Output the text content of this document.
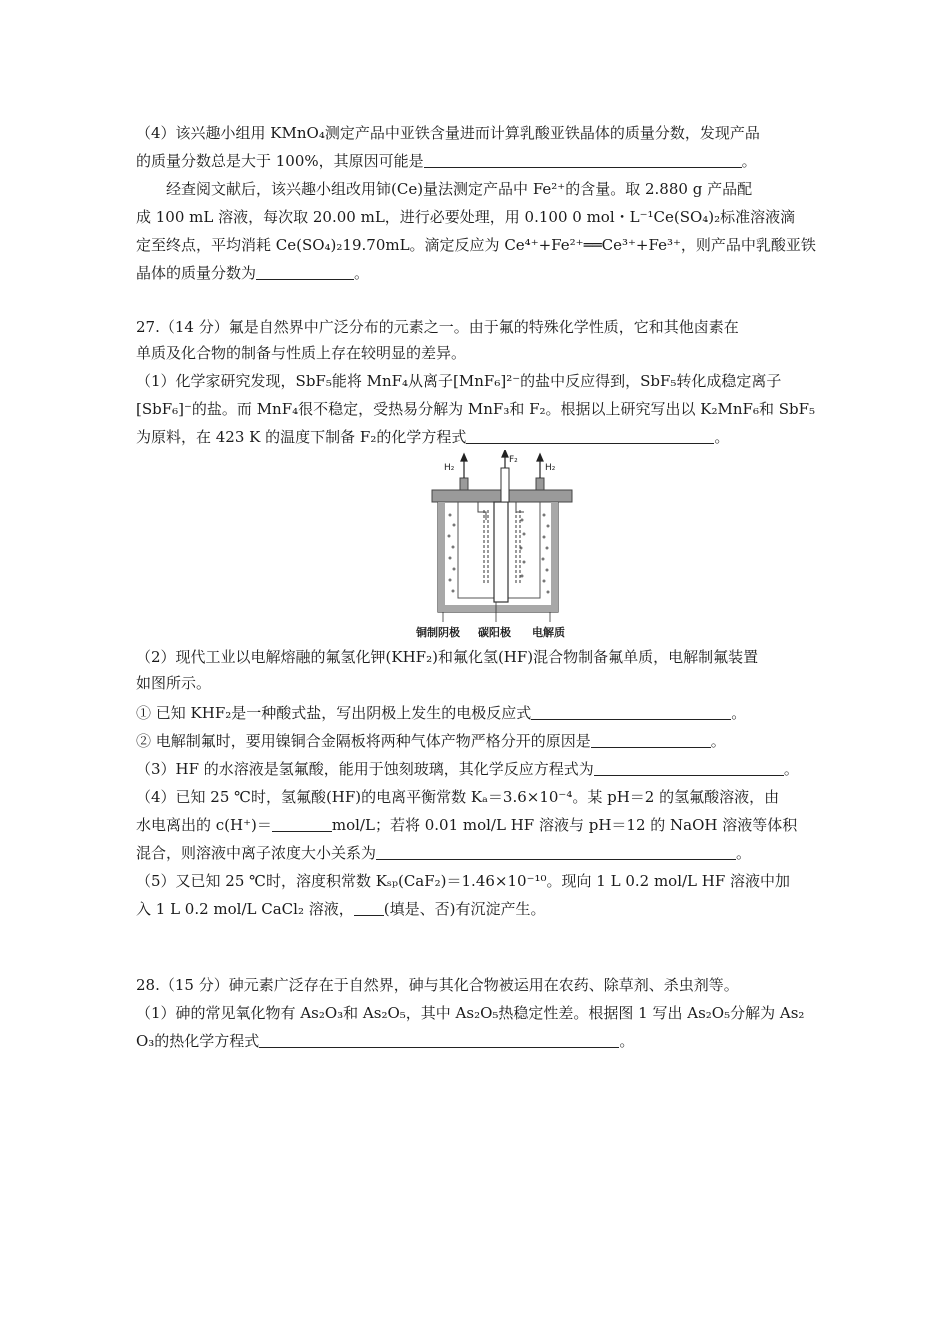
（4）该兴趣小组用 KMnO₄测定产品中亚铁含量进而计算乳酸亚铁晶体的质量分数，发现产品
的质量分数总是大于 100%，其原因可能是	。
经查阅文献后，该兴趣小组改用铈(Ce)量法测定产品中 Fe²⁺的含量。取 2.880 g 产品配
成 100 mL 溶液，每次取 20.00 mL，进行必要处理，用 0.100 0 mol・L⁻¹Ce(SO₄)₂标准溶液滴
定至终点，平均消耗 Ce(SO₄)₂19.70mL。滴定反应为 Ce⁴⁺+Fe²⁺══Ce³⁺+Fe³⁺，则产品中乳酸亚铁
晶体的质量分数为	。
27.（14 分）氟是自然界中广泛分布的元素之一。由于氟的特殊化学性质，它和其他卤素在
单质及化合物的制备与性质上存在较明显的差异。
（1）化学家研究发现，SbF₅能将 MnF₄从离子[MnF₆]²⁻的盐中反应得到，SbF₅转化成稳定离子
[SbF₆]⁻的盐。而 MnF₄很不稳定，受热易分解为 MnF₃和 F₂。根据以上研究写出以 K₂MnF₆和 SbF₅
为原料，在 423 K 的温度下制备 F₂的化学方程式	。
H₂
F₂
H₂
铜制阴极 碳阳极 电解质
（2）现代工业以电解熔融的氟氢化钾(KHF₂)和氟化氢(HF)混合物制备氟单质，电解制氟装置
如图所示。
① 已知 KHF₂是一种酸式盐，写出阴极上发生的电极反应式	。
② 电解制氟时，要用镍铜合金隔板将两种气体产物严格分开的原因是	。
（3）HF 的水溶液是氢氟酸，能用于蚀刻玻璃，其化学反应方程式为	。
（4）已知 25 ℃时，氢氟酸(HF)的电离平衡常数 Kₐ＝3.6×10⁻⁴。某 pH＝2 的氢氟酸溶液，由
水电离出的 c(H⁺)＝	mol/L；若将 0.01 mol/L HF 溶液与 pH＝12 的 NaOH 溶液等体积
混合，则溶液中离子浓度大小关系为	。
（5）又已知 25 ℃时，溶度积常数 Kₛₚ(CaF₂)＝1.46×10⁻¹⁰。现向 1 L 0.2 mol/L HF 溶液中加
入 1 L 0.2 mol/L CaCl₂ 溶液， (填是、否)有沉淀产生。
28.（15 分）砷元素广泛存在于自然界，砷与其化合物被运用在农药、除草剂、杀虫剂等。
（1）砷的常见氧化物有 As₂O₃和 As₂O₅，其中 As₂O₅热稳定性差。根据图 1 写出 As₂O₅分解为 As₂
O₃的热化学方程式	。
